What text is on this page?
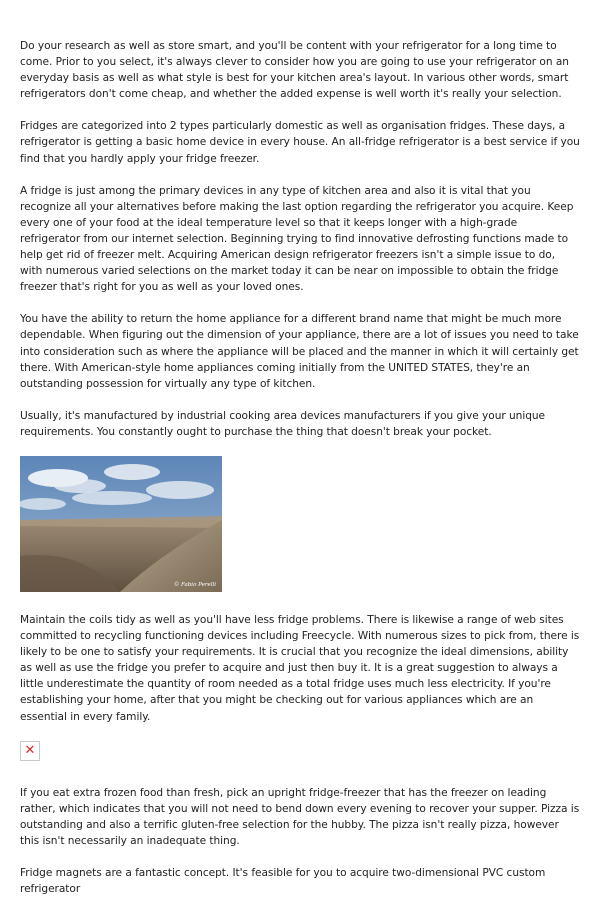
Do your research as well as store smart, and you'll be content with your refrigerator for a long time to come. Prior to you select, it's always clever to consider how you are going to use your refrigerator on an everyday basis as well as what style is best for your kitchen area's layout. In various other words, smart refrigerators don't come cheap, and whether the added expense is well worth it's really your selection.

Fridges are categorized into 2 types particularly domestic as well as organisation fridges. These days, a refrigerator is getting a basic home device in every house. An all-fridge refrigerator is a best service if you find that you hardly apply your fridge freezer.

A fridge is just among the primary devices in any type of kitchen area and also it is vital that you recognize all your alternatives before making the last option regarding the refrigerator you acquire. Keep every one of your food at the ideal temperature level so that it keeps longer with a high-grade refrigerator from our internet selection. Beginning trying to find innovative defrosting functions made to help get rid of freezer melt. Acquiring American design refrigerator freezers isn't a simple issue to do, with numerous varied selections on the market today it can be near on impossible to obtain the fridge freezer that's right for you as well as your loved ones.

You have the ability to return the home appliance for a different brand name that might be much more dependable. When figuring out the dimension of your appliance, there are a lot of issues you need to take into consideration such as where the appliance will be placed and the manner in which it will certainly get there. With American-style home appliances coming initially from the UNITED STATES, they're an outstanding possession for virtually any type of kitchen.

Usually, it's manufactured by industrial cooking area devices manufacturers if you give your unique requirements. You constantly ought to purchase the thing that doesn't break your pocket.

© Fabio Perelli

Maintain the coils tidy as well as you'll have less fridge problems. There is likewise a range of web sites committed to recycling functioning devices including Freecycle. With numerous sizes to pick from, there is likely to be one to satisfy your requirements. It is crucial that you recognize the ideal dimensions, ability as well as use the fridge you prefer to acquire and just then buy it. It is a great suggestion to always a little underestimate the quantity of room needed as a total fridge uses much less electricity. If you're establishing your home, after that you might be checking out for various appliances which are an essential in every family.

✕

If you eat extra frozen food than fresh, pick an upright fridge-freezer that has the freezer on leading rather, which indicates that you will not need to bend down every evening to recover your supper. Pizza is outstanding and also a terrific gluten-free selection for the hubby. The pizza isn't really pizza, however this isn't necessarily an inadequate thing.

Fridge magnets are a fantastic concept. It's feasible for you to acquire two-dimensional PVC custom refrigerator
